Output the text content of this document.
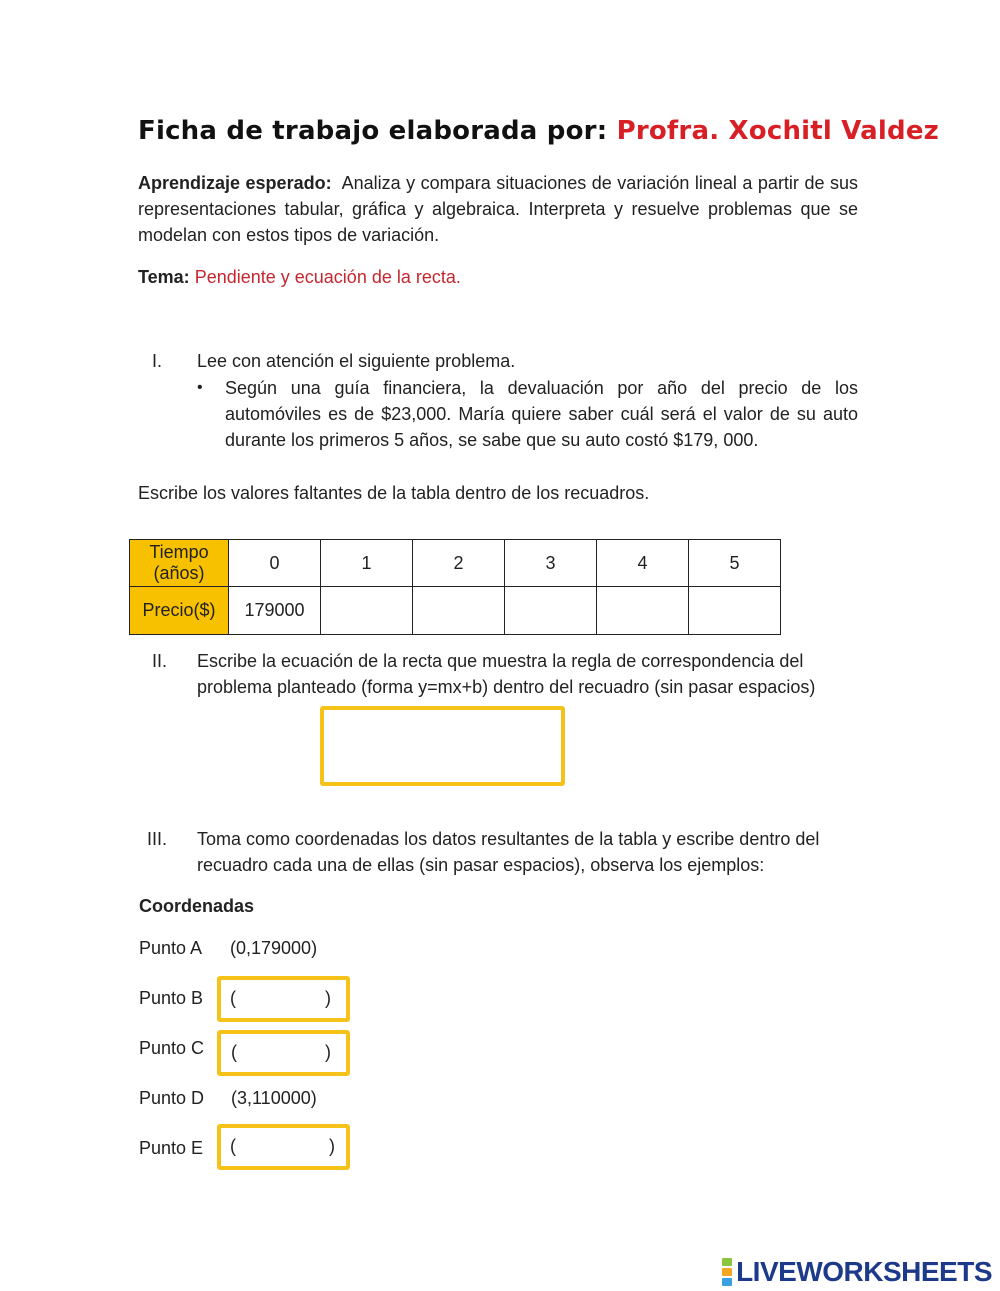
Ficha de trabajo elaborada por: Profra. Xochitl Valdez
Aprendizaje esperado: Analiza y compara situaciones de variación lineal a partir de sus representaciones tabular, gráfica y algebraica. Interpreta y resuelve problemas que se modelan con estos tipos de variación.
Tema: Pendiente y ecuación de la recta.
I. Lee con atención el siguiente problema.
• Según una guía financiera, la devaluación por año del precio de los automóviles es de $23,000. María quiere saber cuál será el valor de su auto durante los primeros 5 años, se sabe que su auto costó $179, 000.
Escribe los valores faltantes de la tabla dentro de los recuadros.
Tiempo (años)	0	1	2	3	4	5
Precio($)	179000					
II. Escribe la ecuación de la recta que muestra la regla de correspondencia del problema planteado (forma y=mx+b) dentro del recuadro (sin pasar espacios)
III. Toma como coordenadas los datos resultantes de la tabla y escribe dentro del recuadro cada una de ellas (sin pasar espacios), observa los ejemplos:
Coordenadas
Punto A (0,179000)
Punto B (	)
Punto C (	)
Punto D (3,110000)
Punto E (	)
LIVEWORKSHEETS
